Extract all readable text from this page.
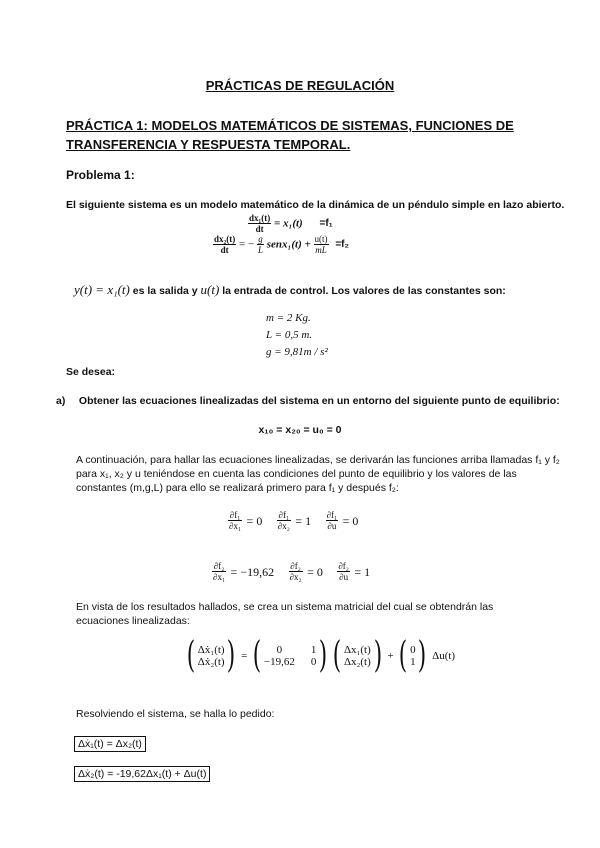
PRÁCTICAS DE REGULACIÓN
PRÁCTICA 1: MODELOS MATEMÁTICOS DE SISTEMAS, FUNCIONES DE
TRANSFERENCIA Y RESPUESTA TEMPORAL.
Problema 1:
El siguiente sistema es un modelo matemático de la dinámica de un péndulo simple en lazo abierto.
$\frac{\text{dx₁(t)}}{dt} = x_1(t) =f_1$
$\frac{\text{dx₂(t)}}{dt}$ = − $\frac{g}{L}$ senx₁(t) + $\frac{u(t)}{mL} =f_2$
y(t) = x₁(t) es la salida y u(t) la entrada de control. Los valores de las constantes son:
m = 2 Kg.
L = 0,5 m.
g = 9,81m / s²
Se desea:
a) Obtener las ecuaciones linealizadas del sistema en un entorno del siguiente punto de equilibrio:
x₁₀ = x₂₀ = u₀ = 0
A continuación, para hallar las ecuaciones linealizadas, se derivarán las funciones arriba llamadas f₁ y f₂ para x₁, x₂ y u teniéndose en cuenta las condiciones del punto de equilibrio y los valores de las constantes (m,g,L) para ello se realizará primero para f₁ y después f₂:
$\frac{\text{∂f₁}}{\text{∂x₁}} = 0 \frac{\text{∂f₁}}{\text{∂x₂}} = 1 \frac{\text{∂f₁}}{\partial u} = 0$
$\frac{\text{∂f₂}}{\text{∂x₁}} = -19,62 \frac{\text{∂f₂}}{\text{∂x₂}} = 0 \frac{\text{∂f₂}}{\partial u} = 1$
En vista de los resultados hallados, se crea un sistema matricial del cual se obtendrán las ecuaciones linealizadas:
( Δẋ₁(t)
Δẋ₂(t) ) = (	0	1
−19,62 0 ) ( Δx₁(t)
Δx₂(t) ) + ( 0
1 ) Δu(t)
Resolviendo el sistema, se halla lo pedido:
Δẋ₁(t) = Δx₂(t)
Δẋ₂(t) = -19,62Δx₁(t) + Δu(t)
